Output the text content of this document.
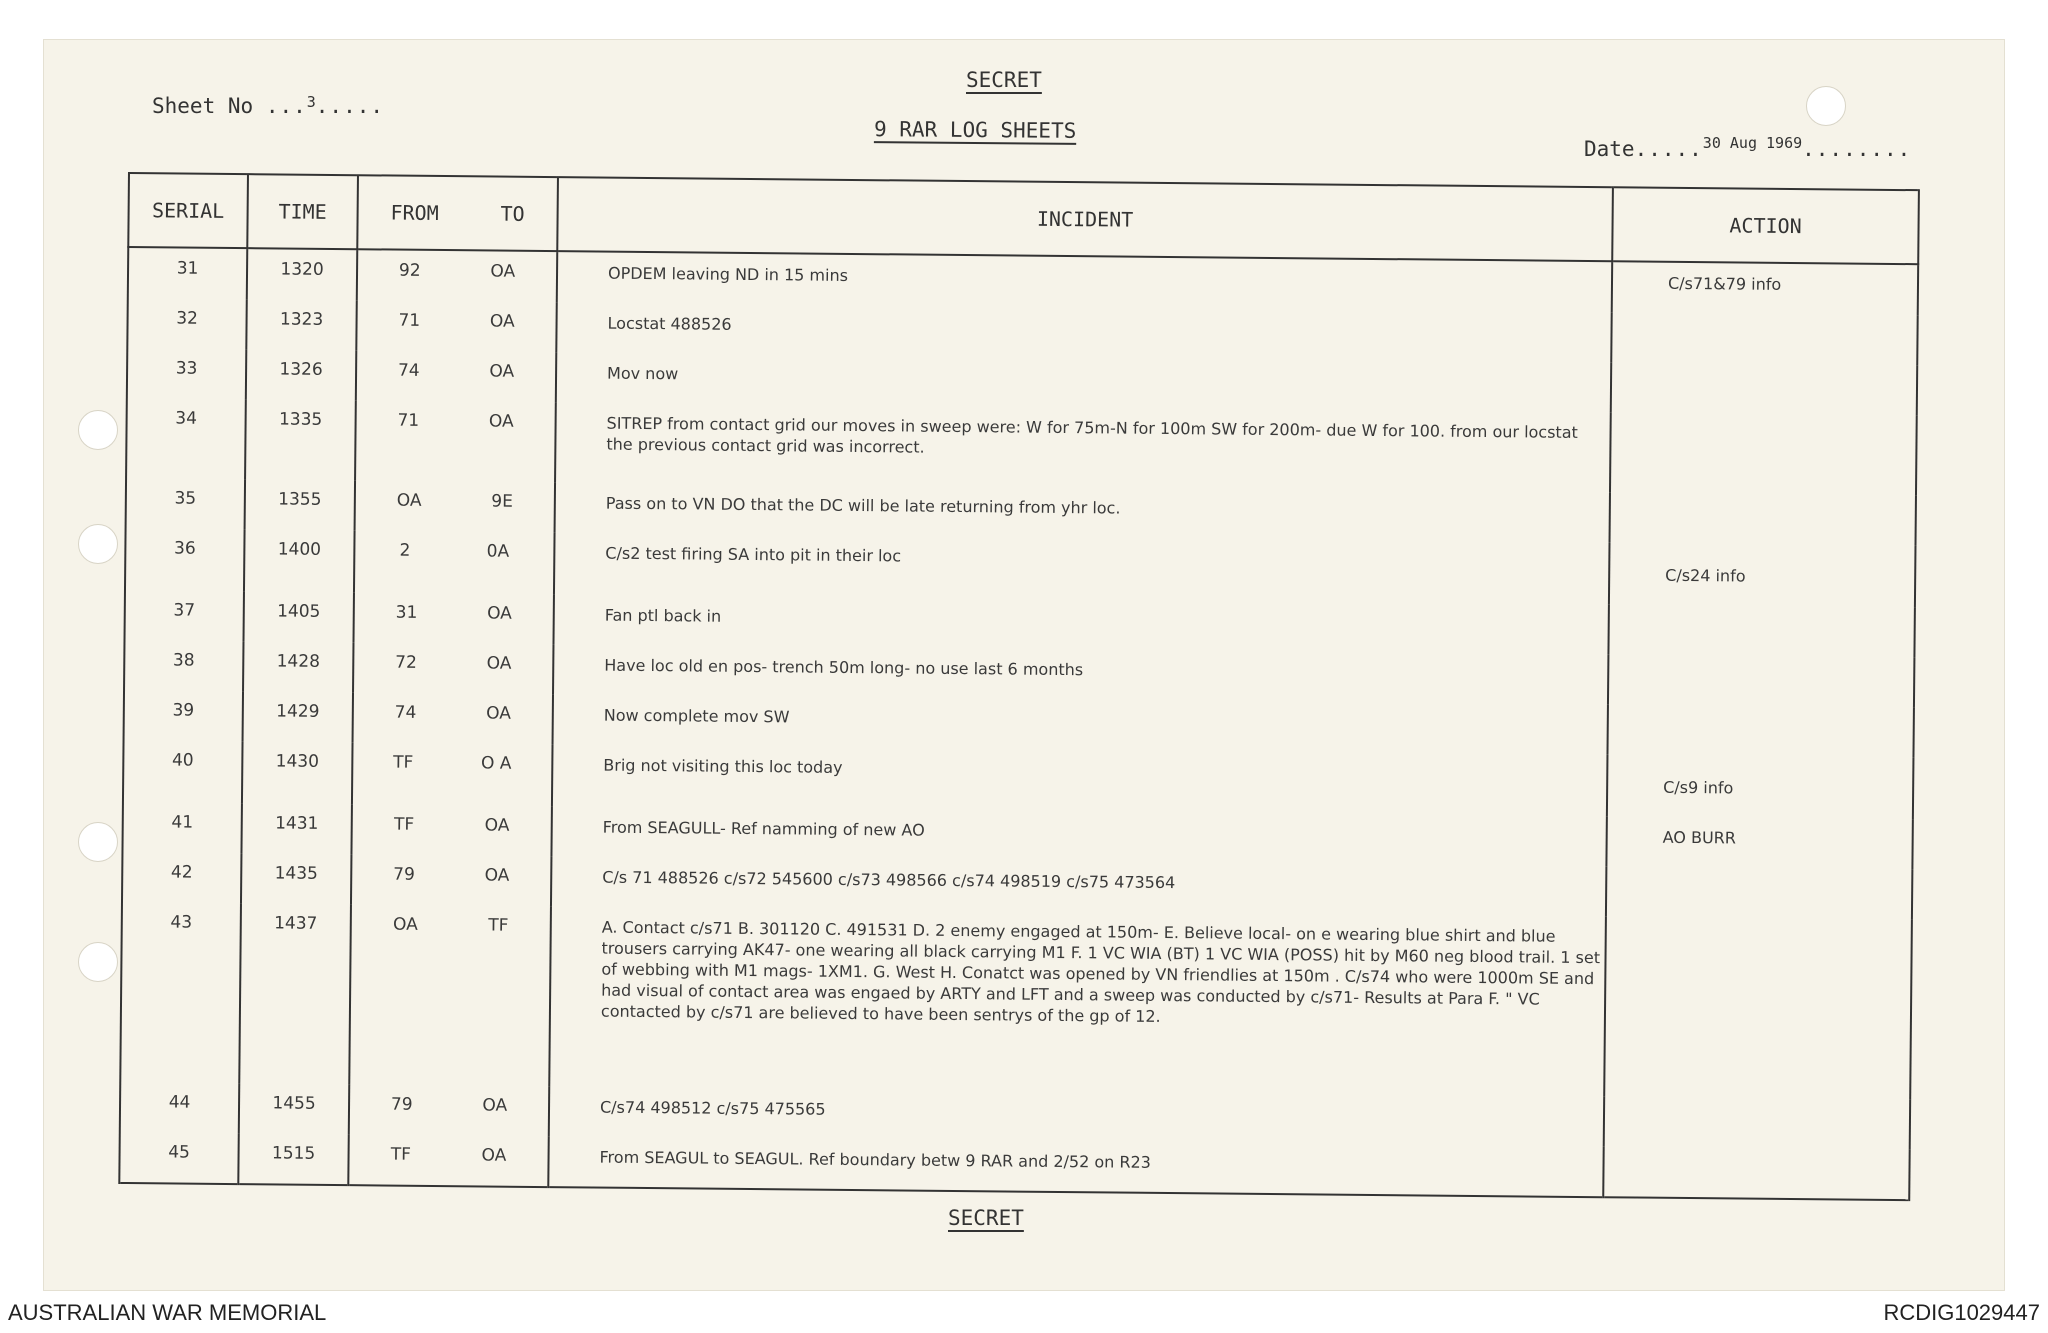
SECRET
Sheet No ...$^3$.....
9 RAR LOG SHEETS
Date.....$^{30 Aug 1969}$........
SERIAL	TIME	FROM TO	INCIDENT	ACTION
31	1320	92 OA	OPDEM leaving ND in 15 mins	C/s71&79 info
32	1323	71 OA	Locstat 488526	
33	1326	74 OA	Mov now	
34	1335	71 OA	SITREP from contact grid our moves in sweep were: W for 75m-N for 100m SW for 200m- due W for 100. from our locstat the previous contact grid was incorrect.	
35	1355	OA 9E	Pass on to VN DO that the DC will be late returning from yhr loc.	
36	1400	2 0A	C/s2 test firing SA into pit in their loc	C/s24 info
37	1405	31 OA	Fan ptl back in	
38	1428	72 OA	Have loc old en pos- trench 50m long- no use last 6 months	
39	1429	74 OA	Now complete mov SW	
40	1430	TF O A	Brig not visiting this loc today	C/s9 info
41	1431	TF OA	From SEAGULL- Ref namming of new AO	AO BURR
42	1435	79 OA	C/s 71 488526 c/s72 545600 c/s73 498566 c/s74 498519 c/s75 473564	
43	1437	OA TF	A. Contact c/s71 B. 301120 C. 491531 D. 2 enemy engaged at 150m- E. Believe local- on e wearing blue shirt and blue trousers carrying AK47- one wearing all black carrying M1 F. 1 VC WIA (BT) 1 VC WIA (POSS) hit by M60 neg blood trail. 1 set of webbing with M1 mags- 1XM1. G. West H. Conatct was opened by VN friendlies at 150m . C/s74 who were 1000m SE and had visual of contact area was engaed by ARTY and LFT and a sweep was conducted by c/s71- Results at Para F. " VC contacted by c/s71 are believed to have been sentrys of the gp of 12.	
44	1455	79 OA	C/s74 498512 c/s75 475565	
45	1515	TF OA	From SEAGUL to SEAGUL. Ref boundary betw 9 RAR and 2/52 on R23	
SECRET
AUSTRALIAN WAR MEMORIAL	RCDIG1029447
